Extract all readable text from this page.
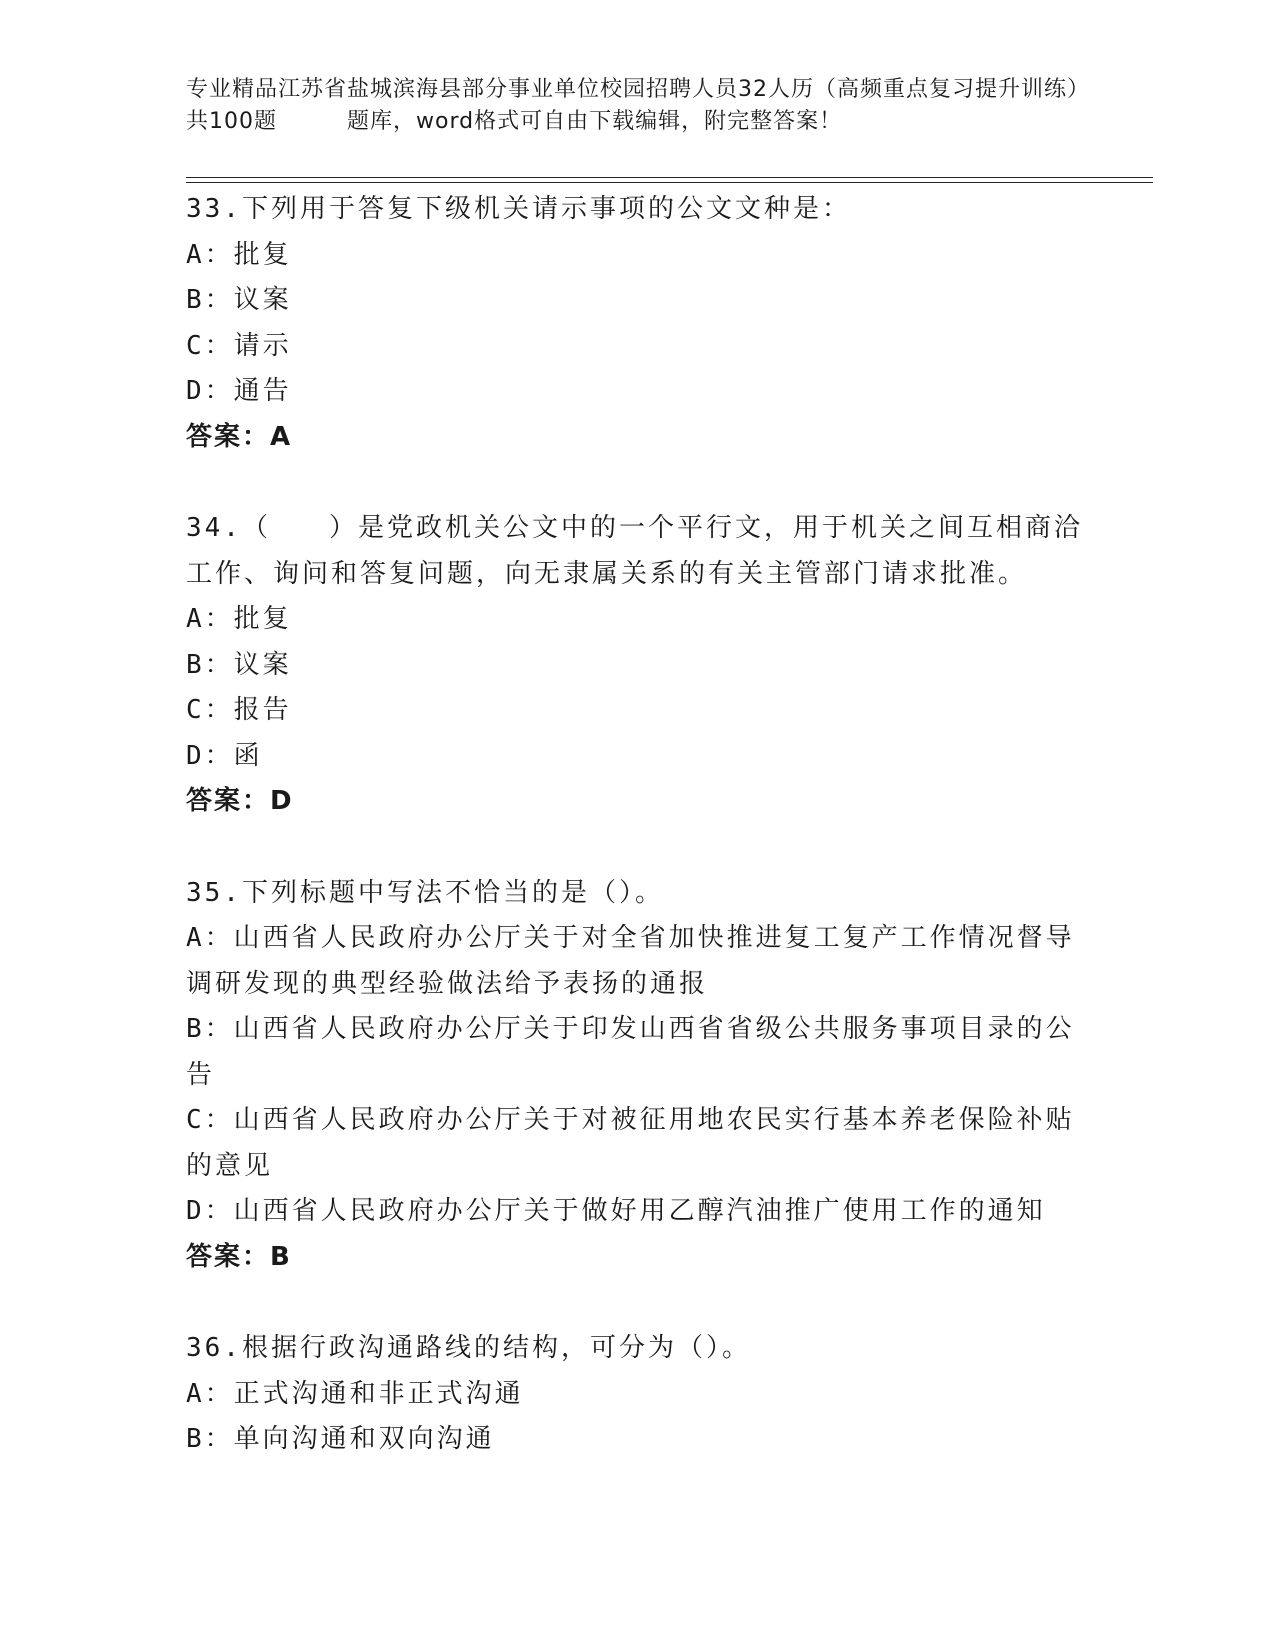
专业精品江苏省盐城滨海县部分事业单位校园招聘人员32人历（高频重点复习提升训练）共100题	题库，word格式可自由下载编辑，附完整答案！
33.下列用于答复下级机关请示事项的公文文种是：
A：批复
B：议案
C：请示
D：通告
答案：A
34.（　　）是党政机关公文中的一个平行文，用于机关之间互相商洽工作、询问和答复问题，向无隶属关系的有关主管部门请求批准。
A：批复
B：议案
C：报告
D：函
答案：D
35.下列标题中写法不恰当的是（）。
A：山西省人民政府办公厅关于对全省加快推进复工复产工作情况督导调研发现的典型经验做法给予表扬的通报
B：山西省人民政府办公厅关于印发山西省省级公共服务事项目录的公告
C：山西省人民政府办公厅关于对被征用地农民实行基本养老保险补贴的意见
D：山西省人民政府办公厅关于做好用乙醇汽油推广使用工作的通知
答案：B
36.根据行政沟通路线的结构，可分为（）。
A：正式沟通和非正式沟通
B：单向沟通和双向沟通
